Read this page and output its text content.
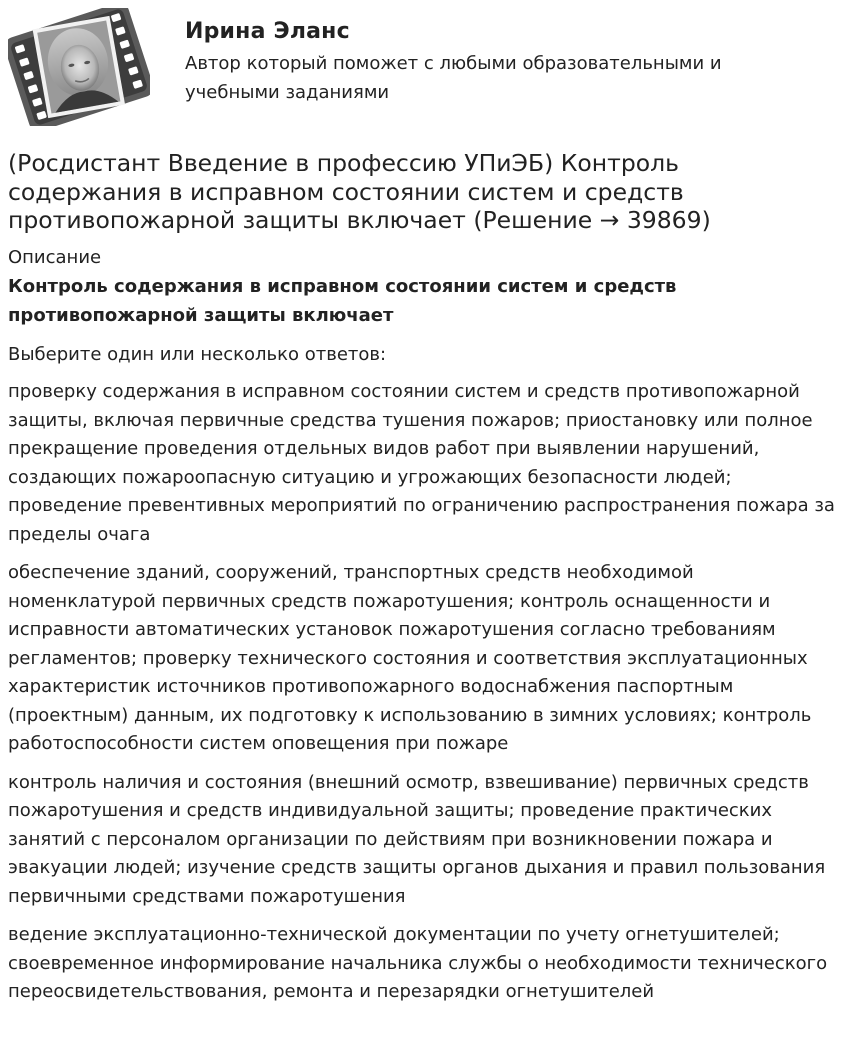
Ирина Эланс
Автор который поможет с любыми образовательными и учебными заданиями
(Росдистант Введение в профессию УПиЭБ) Контроль содержания в исправном состоянии систем и средств противопожарной защиты включает (Решение → 39869)
Описание
Контроль содержания в исправном состоянии систем и средств противопожарной защиты включает
Выберите один или несколько ответов:

проверку содержания в исправном состоянии систем и средств противопожарной защиты, включая первичные средства тушения пожаров; приостановку или полное прекращение проведения отдельных видов работ при выявлении нарушений, создающих пожароопасную ситуацию и угрожающих безопасности людей; проведение превентивных мероприятий по ограничению распространения пожара за пределы очага

обеспечение зданий, сооружений, транспортных средств необходимой номенклатурой первичных средств пожаротушения; контроль оснащенности и исправности автоматических установок пожаротушения согласно требованиям регламентов; проверку технического состояния и соответствия эксплуатационных характеристик источников противопожарного водоснабжения паспортным (проектным) данным, их подготовку к использованию в зимних условиях; контроль работоспособности систем оповещения при пожаре

контроль наличия и состояния (внешний осмотр, взвешивание) первичных средств пожаротушения и средств индивидуальной защиты; проведение практических занятий с персоналом организации по действиям при возникновении пожара и эвакуации людей; изучение средств защиты органов дыхания и правил пользования первичными средствами пожаротушения

ведение эксплуатационно-технической документации по учету огнетушителей; своевременное информирование начальника службы о необходимости технического переосвидетельствования, ремонта и перезарядки огнетушителей
